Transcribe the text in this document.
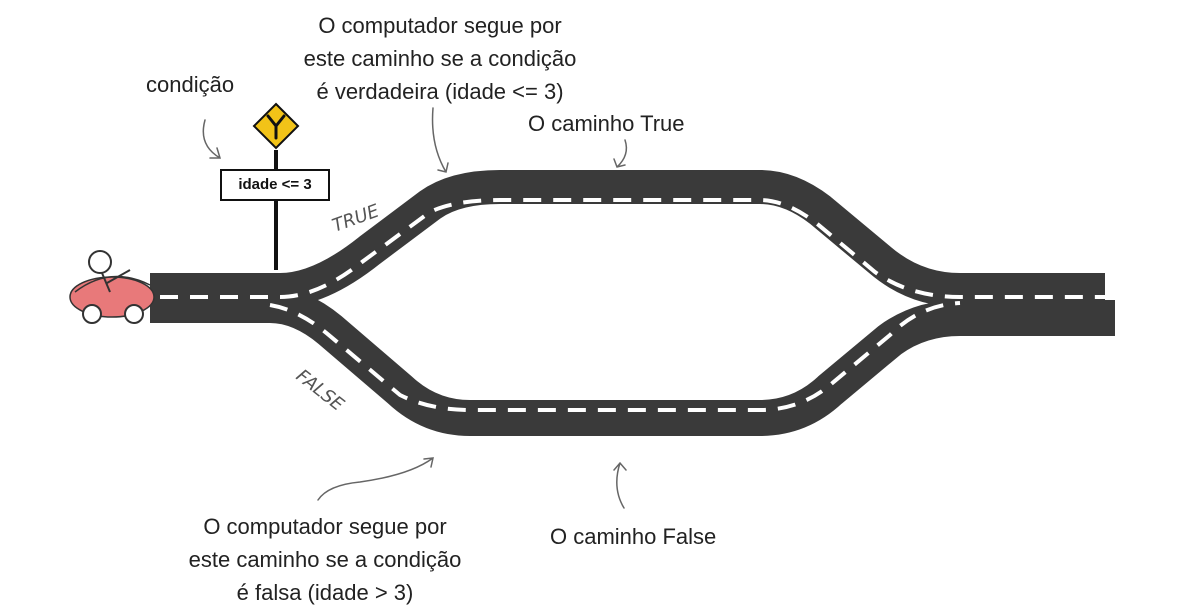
TRUE
FALSE
idade <= 3
condição
O computador segue por
este caminho se a condição
é verdadeira (idade <= 3)
O caminho True
O computador segue por
este caminho se a condição
é falsa (idade > 3)
O caminho False
